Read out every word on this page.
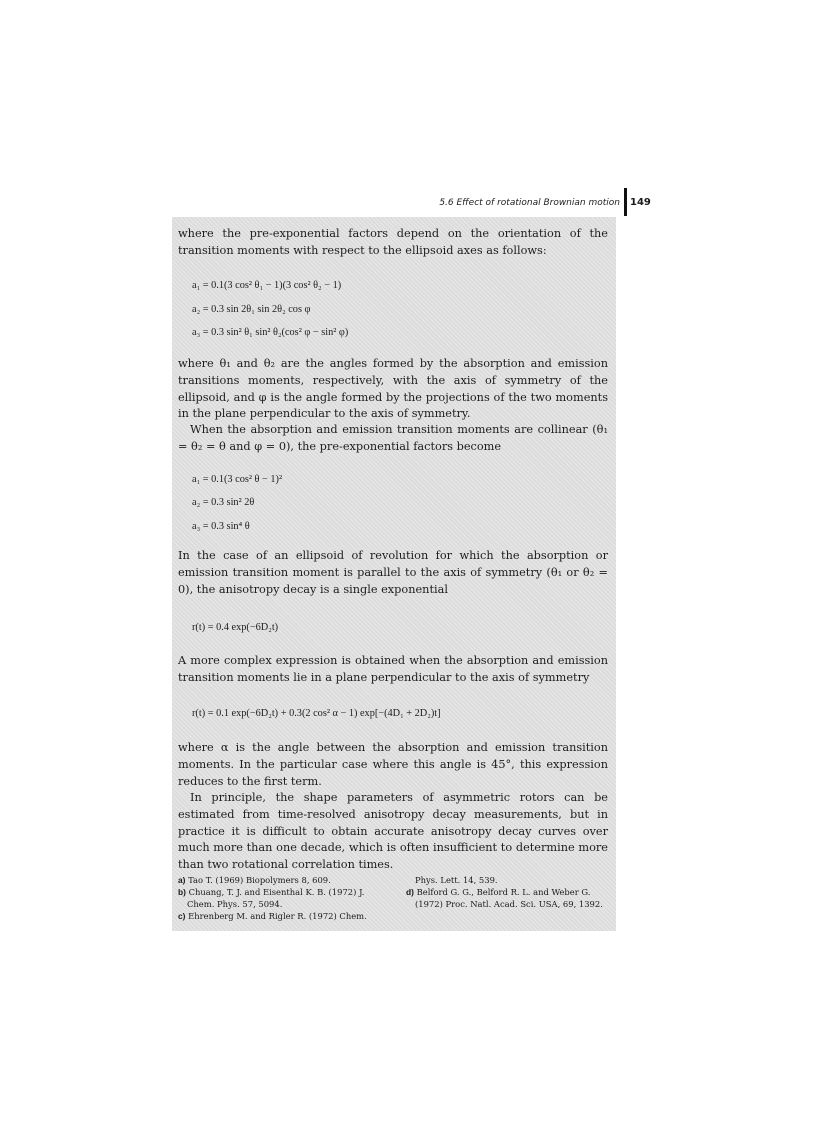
5.6 Effect of rotational Brownian motion 149

where the pre-exponential factors depend on the orientation of the transition moments with respect to the ellipsoid axes as follows:

a₁ = 0.1(3 cos² θ₁ − 1)(3 cos² θ₂ − 1)
a₂ = 0.3 sin 2θ₁ sin 2θ₂ cos φ
a₃ = 0.3 sin² θ₁ sin² θ₂(cos² φ − sin² φ)

where θ₁ and θ₂ are the angles formed by the absorption and emission transitions moments, respectively, with the axis of symmetry of the ellipsoid, and φ is the angle formed by the projections of the two moments in the plane perpendicular to the axis of symmetry.

When the absorption and emission transition moments are collinear (θ₁ = θ₂ = θ and φ = 0), the pre-exponential factors become

a₁ = 0.1(3 cos² θ − 1)²
a₂ = 0.3 sin² 2θ
a₃ = 0.3 sin⁴ θ

In the case of an ellipsoid of revolution for which the absorption or emission transition moment is parallel to the axis of symmetry (θ₁ or θ₂ = 0), the anisotropy decay is a single exponential

r(t) = 0.4 exp(−6D₂t)

A more complex expression is obtained when the absorption and emission transition moments lie in a plane perpendicular to the axis of symmetry

r(t) = 0.1 exp(−6D₂t) + 0.3(2 cos² α − 1) exp[−(4D₁ + 2D₂)t]

where α is the angle between the absorption and emission transition moments. In the particular case where this angle is 45°, this expression reduces to the first term.

In principle, the shape parameters of asymmetric rotors can be estimated from time-resolved anisotropy decay measurements, but in practice it is difficult to obtain accurate anisotropy decay curves over much more than one decade, which is often insufficient to determine more than two rotational correlation times.

a) Tao T. (1969) Biopolymers 8, 609.
b) Chuang, T. J. and Eisenthal K. B. (1972) J.
Chem. Phys. 57, 5094.
c) Ehrenberg M. and Rigler R. (1972) Chem.
Phys. Lett. 14, 539.
d) Belford G. G., Belford R. L. and Weber G.
(1972) Proc. Natl. Acad. Sci. USA, 69, 1392.
